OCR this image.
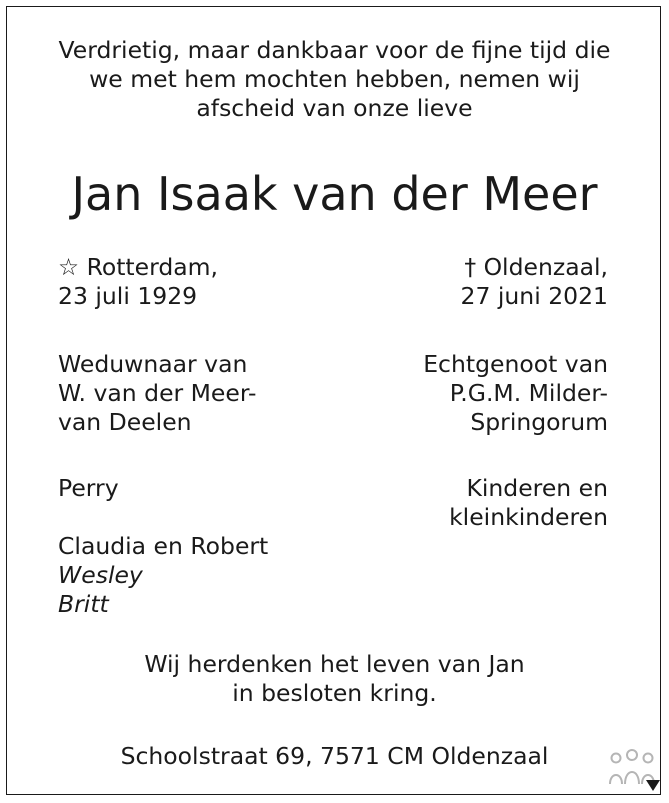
Verdrietig, maar dankbaar voor de fijne tijd die
we met hem mochten hebben, nemen wij
afscheid van onze lieve
Jan Isaak van der Meer
☆ Rotterdam,
23 juli 1929
† Oldenzaal,
27 juni 2021
Weduwnaar van
W. van der Meer-
van Deelen
Echtgenoot van
P.G.M. Milder-
Springorum
Perry
Claudia en Robert
Wesley
Britt
Kinderen en
kleinkinderen
Wij herdenken het leven van Jan
in besloten kring.
Schoolstraat 69, 7571 CM Oldenzaal
